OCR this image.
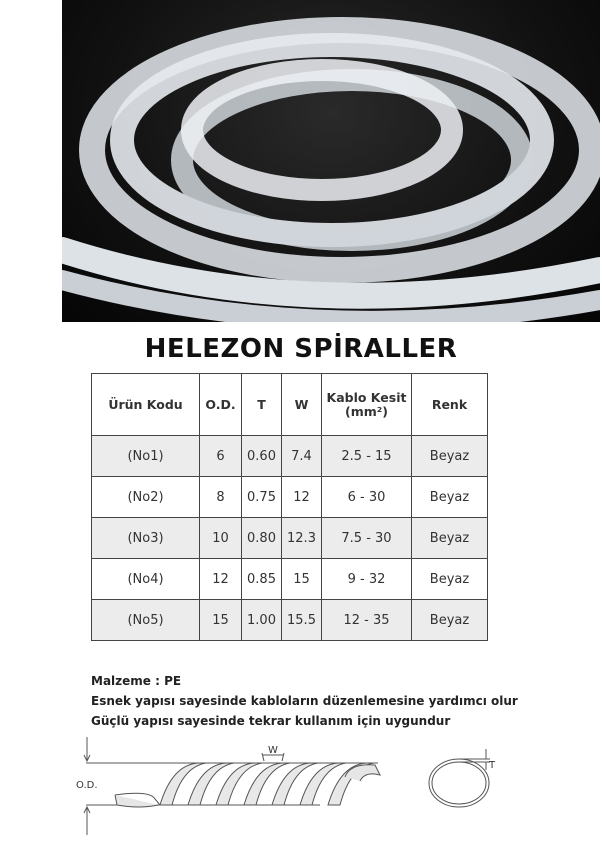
HELEZON SPİRALLER
Ürün Kodu	O.D.	T	W	Kablo Kesit (mm²)	Renk
(No1)	6	0.60	7.4	2.5 - 15	Beyaz
(No2)	8	0.75	12	6 - 30	Beyaz
(No3)	10	0.80	12.3	7.5 - 30	Beyaz
(No4)	12	0.85	15	9 - 32	Beyaz
(No5)	15	1.00	15.5	12 - 35	Beyaz
Malzeme : PE
Esnek yapısı sayesinde kabloların düzenlemesine yardımcı olur
Güçlü yapısı sayesinde tekrar kullanım için uygundur
W
T
O.D.
